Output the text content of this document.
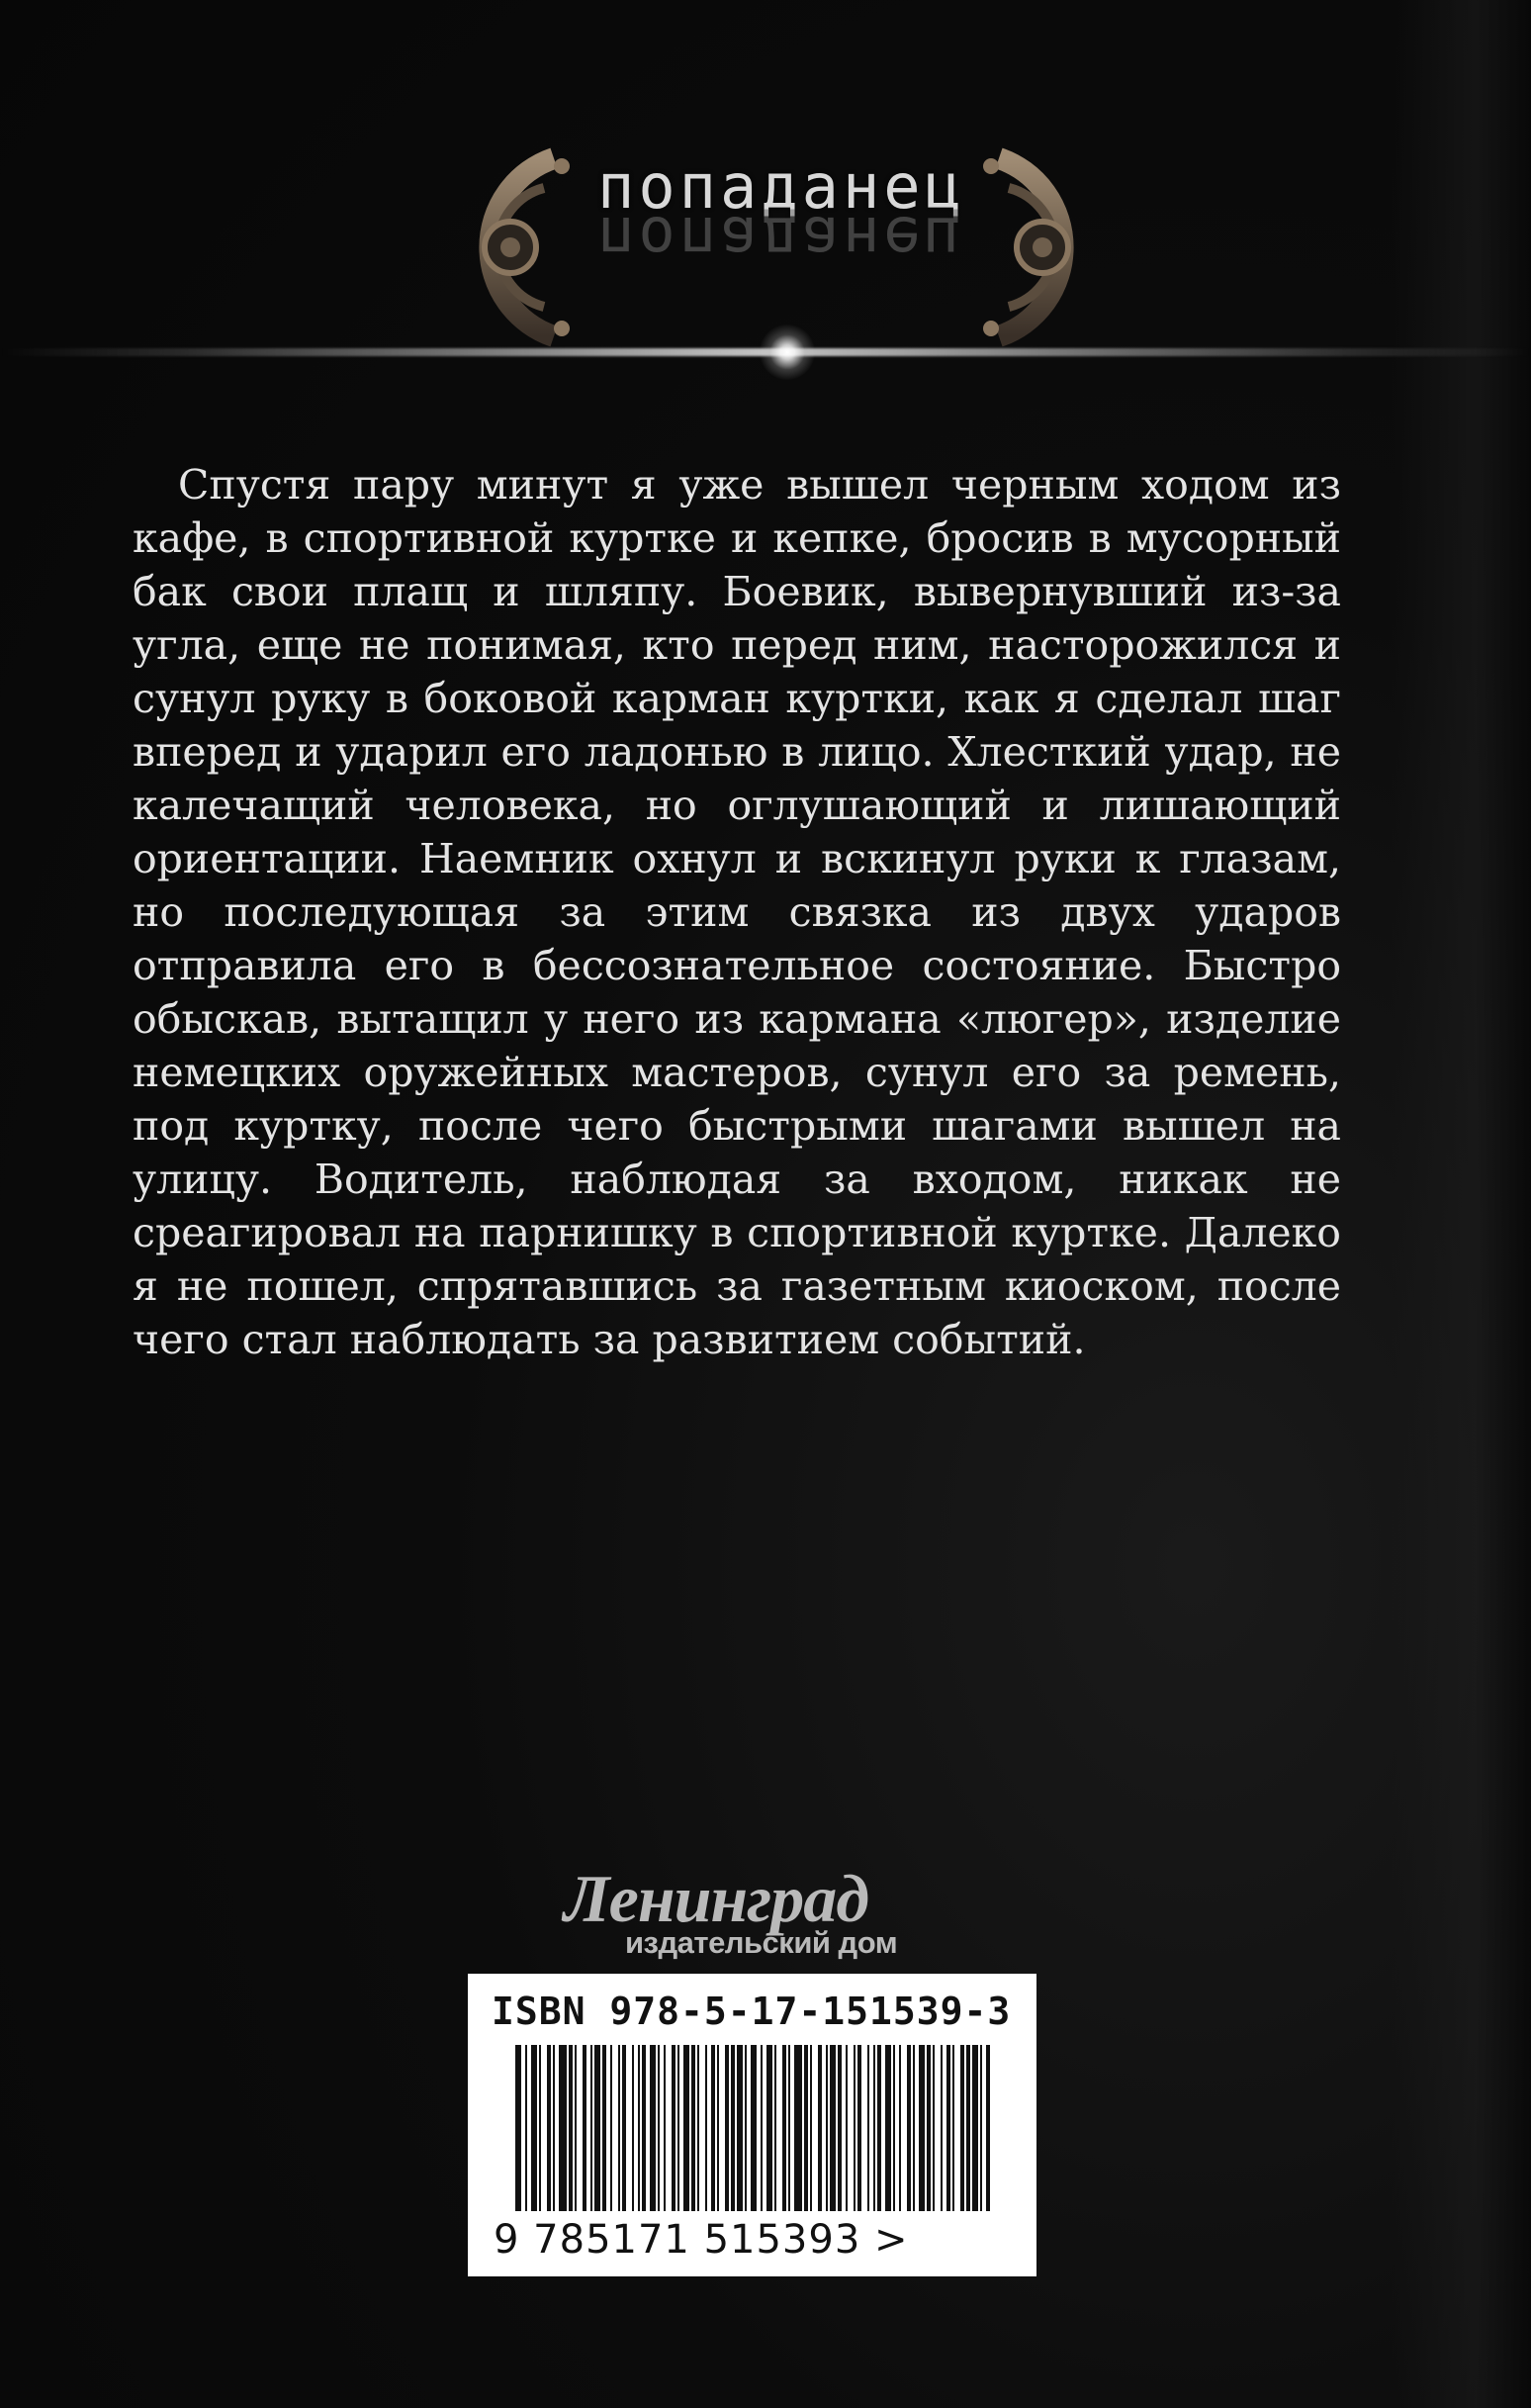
попаданец
попаданец

Спустя пару минут я уже вышел черным ходом из кафе, в спортивной куртке и кепке, бросив в мусорный бак свои плащ и шляпу. Боевик, вывернувший из-за угла, еще не понимая, кто перед ним, насторожился и сунул руку в боковой карман куртки, как я сделал шаг вперед и ударил его ладонью в лицо. Хлесткий удар, не калечащий человека, но оглушающий и лишающий ориентации. Наемник охнул и вскинул руки к глазам, но последующая за этим связка из двух ударов отправила его в бессознательное состояние. Быстро обыскав, вытащил у него из кармана «люгер», изделие немецких оружейных мастеров, сунул его за ремень, под куртку, после чего быстрыми шагами вышел на улицу. Водитель, наблюдая за входом, никак не среагировал на парнишку в спортивной куртке. Далеко я не пошел, спрятавшись за газетным киоском, после чего стал наблюдать за развитием событий.

Ленинград
издательский дом
ISBN 978-5-17-151539-3
9 785171 515393 >
